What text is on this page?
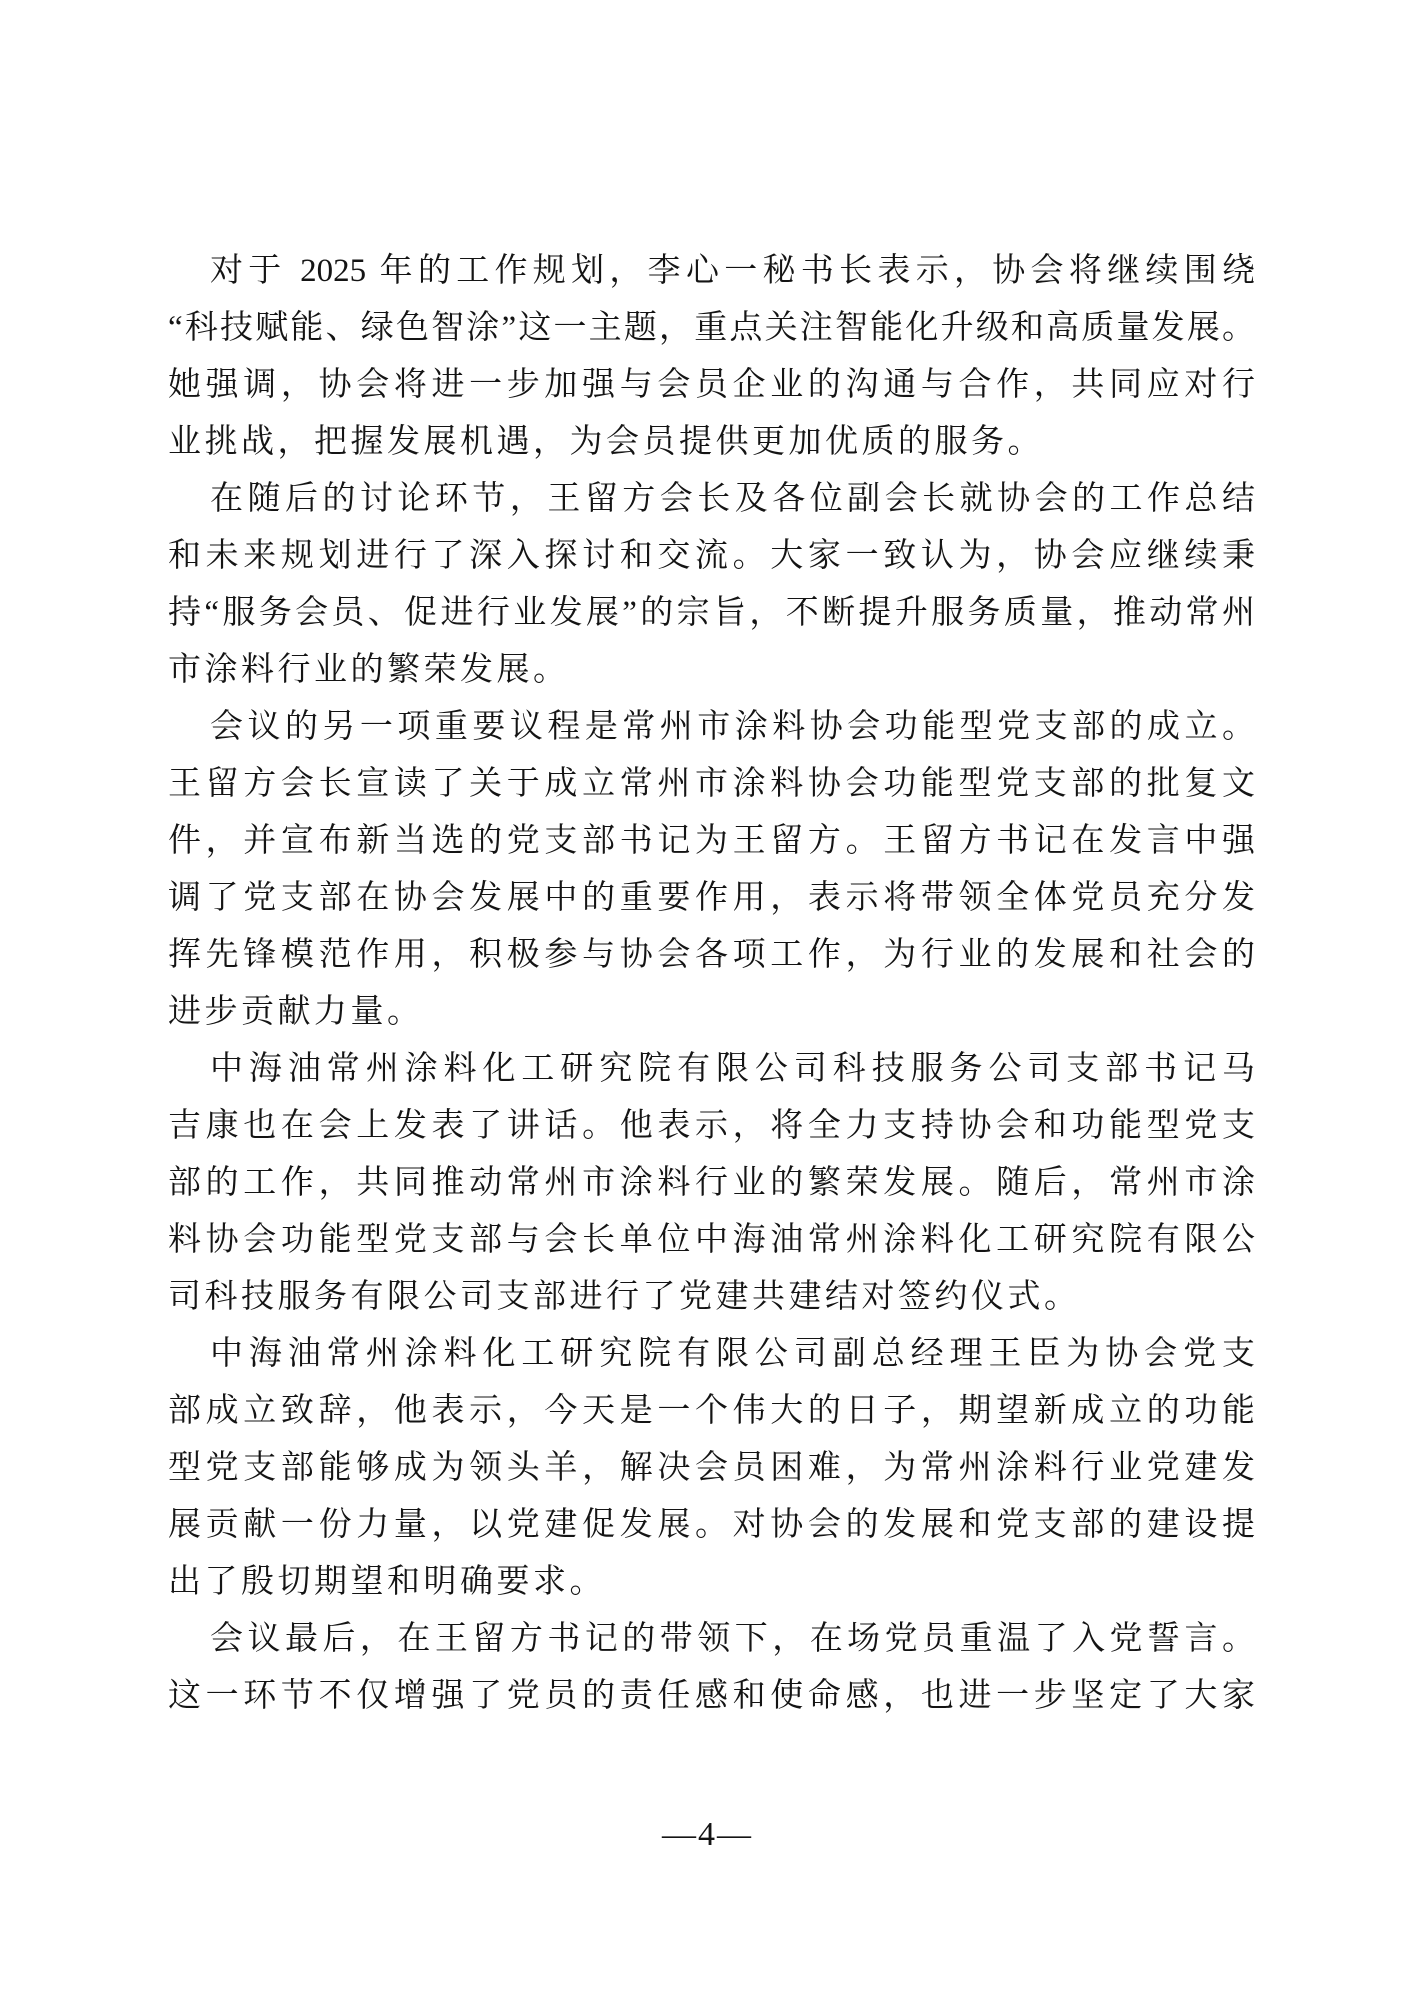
对于 2025 年的工作规划，李心一秘书长表示，协会将继续围绕
“科技赋能、绿色智涂”这一主题，重点关注智能化升级和高质量发展。
她强调，协会将进一步加强与会员企业的沟通与合作，共同应对行
业挑战，把握发展机遇，为会员提供更加优质的服务。
在随后的讨论环节，王留方会长及各位副会长就协会的工作总结
和未来规划进行了深入探讨和交流。大家一致认为，协会应继续秉
持“服务会员、促进行业发展”的宗旨，不断提升服务质量，推动常州
市涂料行业的繁荣发展。
会议的另一项重要议程是常州市涂料协会功能型党支部的成立。
王留方会长宣读了关于成立常州市涂料协会功能型党支部的批复文
件，并宣布新当选的党支部书记为王留方。王留方书记在发言中强
调了党支部在协会发展中的重要作用，表示将带领全体党员充分发
挥先锋模范作用，积极参与协会各项工作，为行业的发展和社会的
进步贡献力量。
中海油常州涂料化工研究院有限公司科技服务公司支部书记马
吉康也在会上发表了讲话。他表示，将全力支持协会和功能型党支
部的工作，共同推动常州市涂料行业的繁荣发展。随后，常州市涂
料协会功能型党支部与会长单位中海油常州涂料化工研究院有限公
司科技服务有限公司支部进行了党建共建结对签约仪式。
中海油常州涂料化工研究院有限公司副总经理王臣为协会党支
部成立致辞，他表示，今天是一个伟大的日子，期望新成立的功能
型党支部能够成为领头羊，解决会员困难，为常州涂料行业党建发
展贡献一份力量，以党建促发展。对协会的发展和党支部的建设提
出了殷切期望和明确要求。
会议最后，在王留方书记的带领下，在场党员重温了入党誓言。
这一环节不仅增强了党员的责任感和使命感，也进一步坚定了大家
—4—
